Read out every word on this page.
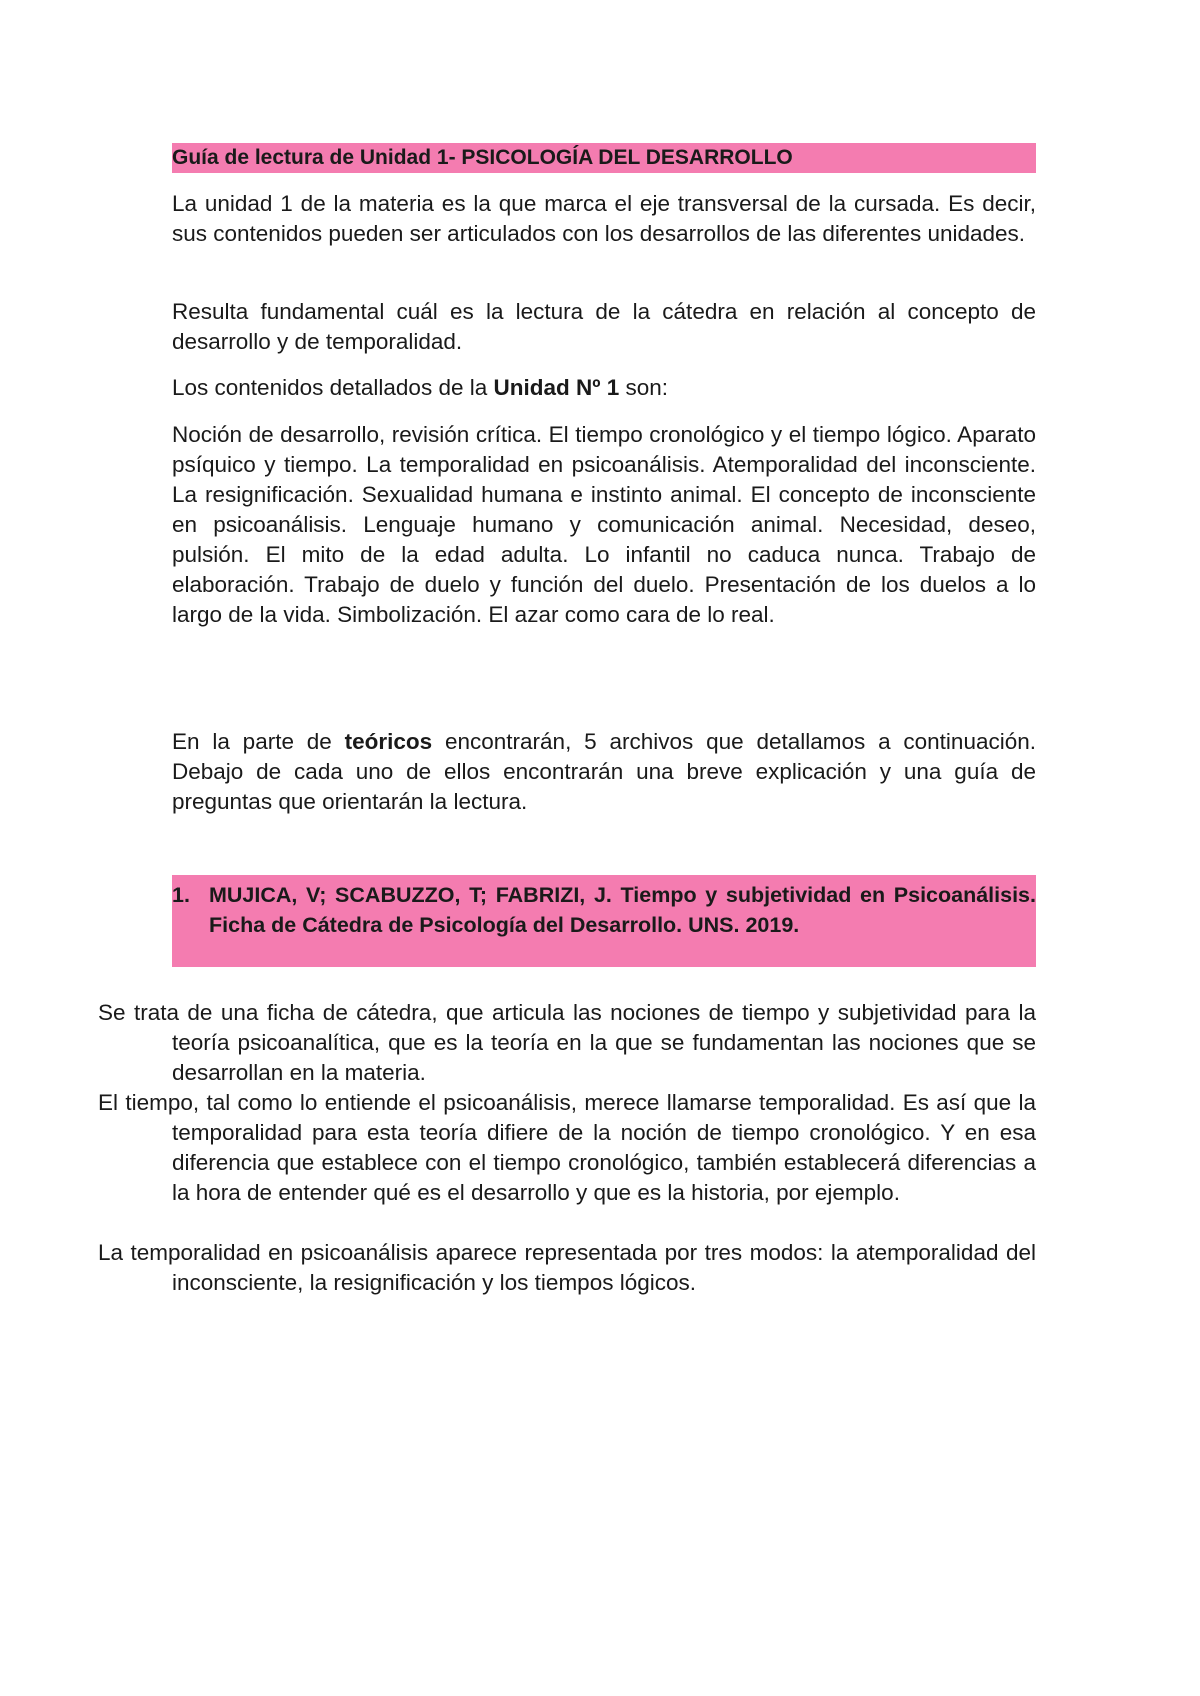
Guía de lectura de Unidad 1- PSICOLOGÍA DEL DESARROLLO

La unidad 1 de la materia es la que marca el eje transversal de la cursada. Es decir, sus contenidos pueden ser articulados con los desarrollos de las diferentes unidades.

Resulta fundamental cuál es la lectura de la cátedra en relación al concepto de desarrollo y de temporalidad.

Los contenidos detallados de la Unidad Nº 1 son:

Noción de desarrollo, revisión crítica. El tiempo cronológico y el tiempo lógico. Aparato psíquico y tiempo. La temporalidad en psicoanálisis. Atemporalidad del inconsciente. La resignificación. Sexualidad humana e instinto animal. El concepto de inconsciente en psicoanálisis. Lenguaje humano y comunicación animal. Necesidad, deseo, pulsión. El mito de la edad adulta. Lo infantil no caduca nunca. Trabajo de elaboración. Trabajo de duelo y función del duelo. Presentación de los duelos a lo largo de la vida. Simbolización. El azar como cara de lo real.

En la parte de teóricos encontrarán, 5 archivos que detallamos a continuación. Debajo de cada uno de ellos encontrarán una breve explicación y una guía de preguntas que orientarán la lectura.

1. MUJICA, V; SCABUZZO, T; FABRIZI, J. Tiempo y subjetividad en Psicoanálisis. Ficha de Cátedra de Psicología del Desarrollo. UNS. 2019.

Se trata de una ficha de cátedra, que articula las nociones de tiempo y subjetividad para la teoría psicoanalítica, que es la teoría en la que se fundamentan las nociones que se desarrollan en la materia.

El tiempo, tal como lo entiende el psicoanálisis, merece llamarse temporalidad. Es así que la temporalidad para esta teoría difiere de la noción de tiempo cronológico. Y en esa diferencia que establece con el tiempo cronológico, también establecerá diferencias a la hora de entender qué es el desarrollo y que es la historia, por ejemplo.

La temporalidad en psicoanálisis aparece representada por tres modos: la atemporalidad del inconsciente, la resignificación y los tiempos lógicos.
